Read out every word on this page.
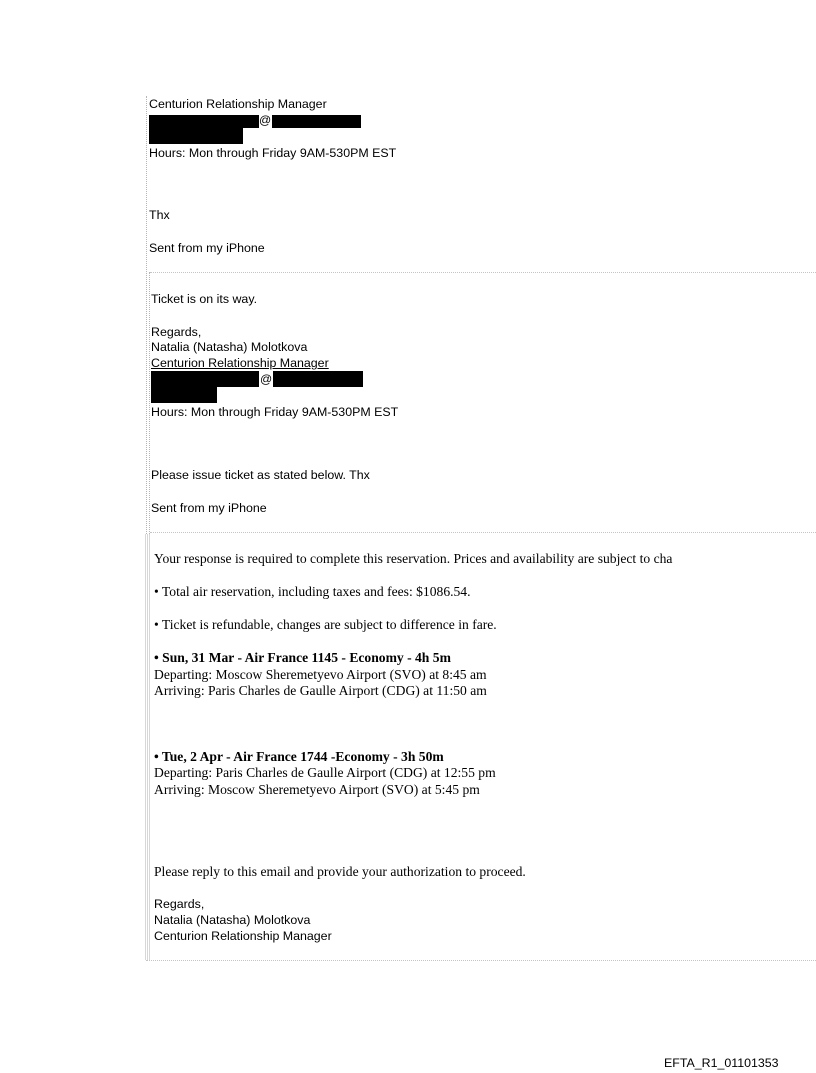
Centurion Relationship Manager
@
Hours: Mon through Friday 9AM-530PM EST
Thx
Sent from my iPhone
Ticket is on its way.
Regards,
Natalia (Natasha) Molotkova
Centurion Relationship Manager
@
Hours: Mon through Friday 9AM-530PM EST
Please issue ticket as stated below. Thx
Sent from my iPhone
Your response is required to complete this reservation. Prices and availability are subject to cha
• Total air reservation, including taxes and fees: $1086.54.
• Ticket is refundable, changes are subject to difference in fare.
• Sun, 31 Mar - Air France 1145 - Economy - 4h 5m
Departing: Moscow Sheremetyevo Airport (SVO) at 8:45 am
Arriving: Paris Charles de Gaulle Airport (CDG) at 11:50 am
• Tue, 2 Apr - Air France 1744 -Economy - 3h 50m
Departing: Paris Charles de Gaulle Airport (CDG) at 12:55 pm
Arriving: Moscow Sheremetyevo Airport (SVO) at 5:45 pm
Please reply to this email and provide your authorization to proceed.
Regards,
Natalia (Natasha) Molotkova
Centurion Relationship Manager
EFTA_R1_01101353
